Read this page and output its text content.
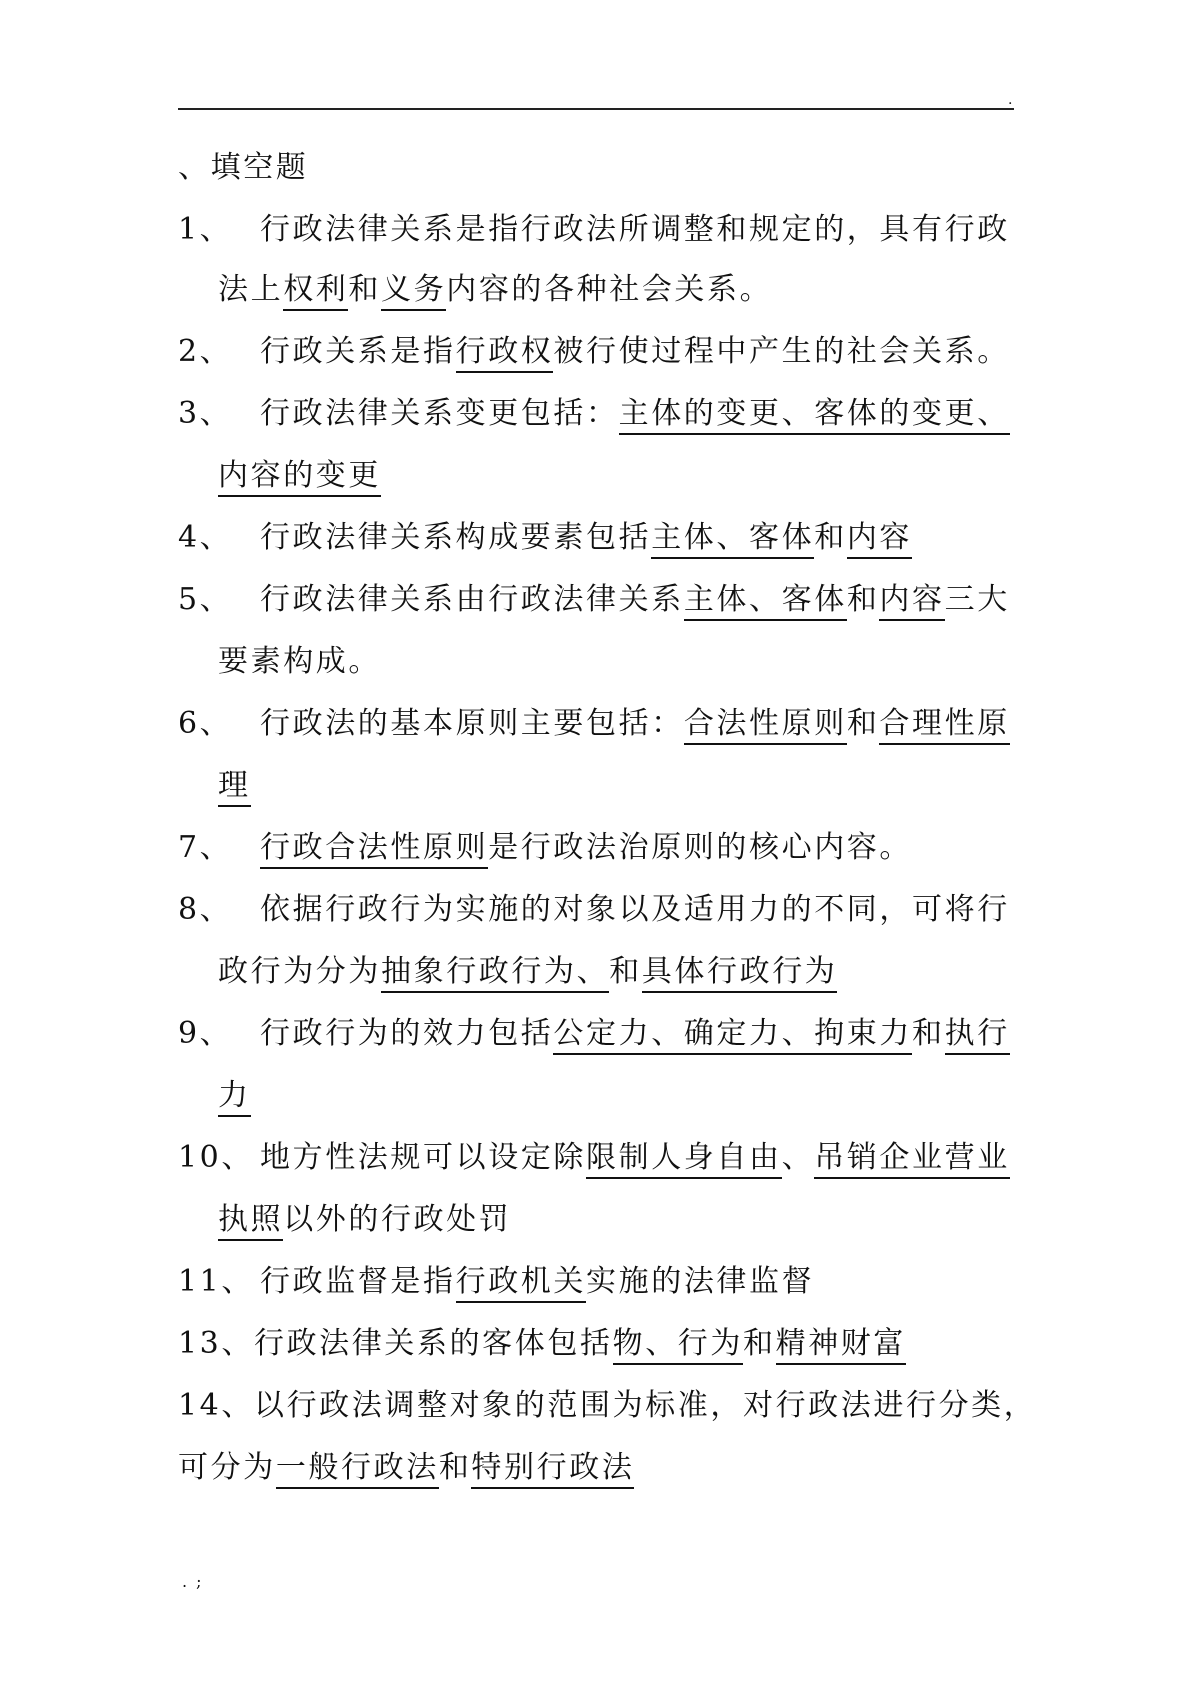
.
、填空题
1、 行政法律关系是指行政法所调整和规定的，具有行政
法上权利和义务内容的各种社会关系。
2、 行政关系是指行政权被行使过程中产生的社会关系。
3、 行政法律关系变更包括：主体的变更、客体的变更、
内容的变更
4、 行政法律关系构成要素包括主体、客体和内容
5、 行政法律关系由行政法律关系主体、客体和内容三大
要素构成。
6、 行政法的基本原则主要包括：合法性原则和合理性原
理
7、 行政合法性原则是行政法治原则的核心内容。
8、 依据行政行为实施的对象以及适用力的不同，可将行
政行为分为抽象行政行为、和具体行政行为
9、 行政行为的效力包括公定力、确定力、拘束力和执行
力
10、 地方性法规可以设定除限制人身自由、吊销企业营业
执照以外的行政处罚
11、 行政监督是指行政机关实施的法律监督
13、行政法律关系的客体包括物、行为和精神财富
14、以行政法调整对象的范围为标准，对行政法进行分类，
可分为一般行政法和特别行政法
. ;
